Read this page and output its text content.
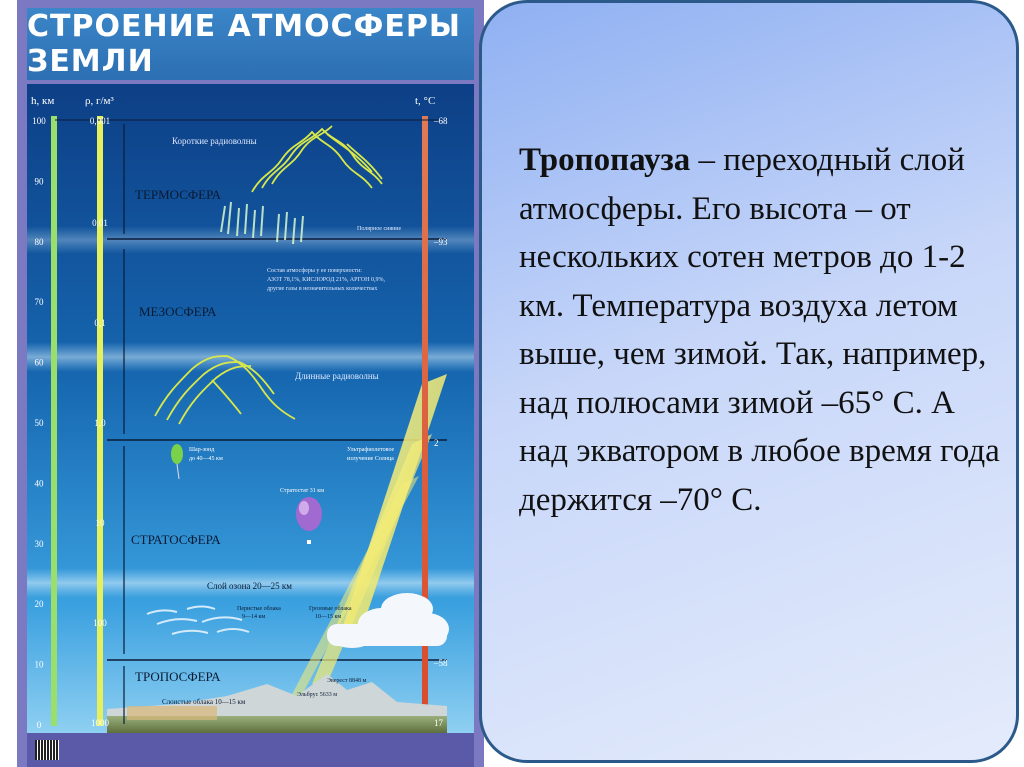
СТРОЕНИЕ АТМОСФЕРЫ ЗЕМЛИ
h, км	ρ, г/м³	t, °C
100
90
80
70
60
50
40
30
20
10
0
0,001
0,01
0,1
1,0
10
100
1000
–68
–93
2
–58
17
ТЕРМОСФЕРА
МЕЗОСФЕРА
СТРАТОСФЕРА
ТРОПОСФЕРА
Короткие радиоволны
Полярное сияние
Состав атмосферы у ее поверхности:
АЗОТ 78,1%, КИСЛОРОД 21%, АРГОН 0,9%,
другие газы в незначительных количествах
Длинные радиоволны
Шар-зонд
до 40—45 км
Ультрафиолетовое
излучение Солнца
Стратостат 31 км
Слой озона 20—25 км
Перистые облака
9—14 км
Грозовые облака
10—15 км
Эверест 8848 м
Эльбрус 5633 м
Слоистые облака 10—15 км
Тропопауза – переходный слой атмосферы. Его высота – от нескольких сотен метров до 1-2 км. Температура воздуха летом выше, чем зимой. Так, например, над полюсами зимой –65° С. А над экватором в любое время года держится –70° С.
